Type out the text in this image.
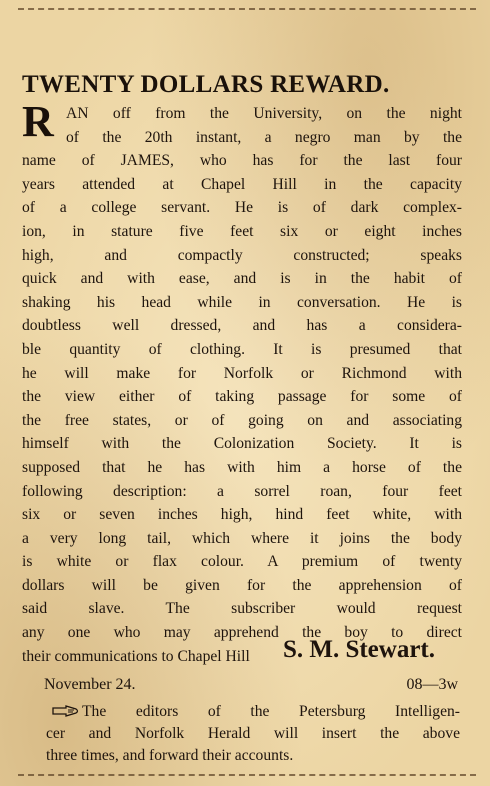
TWENTY DOLLARS REWARD.
R AN off from the University, on the night
of the 20th instant, a negro man by the
name of JAMES, who has for the last four
years attended at Chapel Hill in the capacity
of a college servant. He is of dark complex-
ion, in stature five feet six or eight inches
high, and compactly constructed; speaks
quick and with ease, and is in the habit of
shaking his head while in conversation. He is
doubtless well dressed, and has a considera-
ble quantity of clothing. It is presumed that
he will make for Norfolk or Richmond with
the view either of taking passage for some of
the free states, or of going on and associating
himself with the Colonization Society. It is
supposed that he has with him a horse of the
following description: a sorrel roan, four feet
six or seven inches high, hind feet white, with
a very long tail, which where it joins the body
is white or flax colour. A premium of twenty
dollars will be given for the apprehension of
said slave. The subscriber would request
any one who may apprehend the boy to direct
their communications to Chapel Hill	S. M. Stewart.
November 24.	08—3w
The editors of the Petersburg Intelligen-
cer and Norfolk Herald will insert the above
three times, and forward their accounts.
